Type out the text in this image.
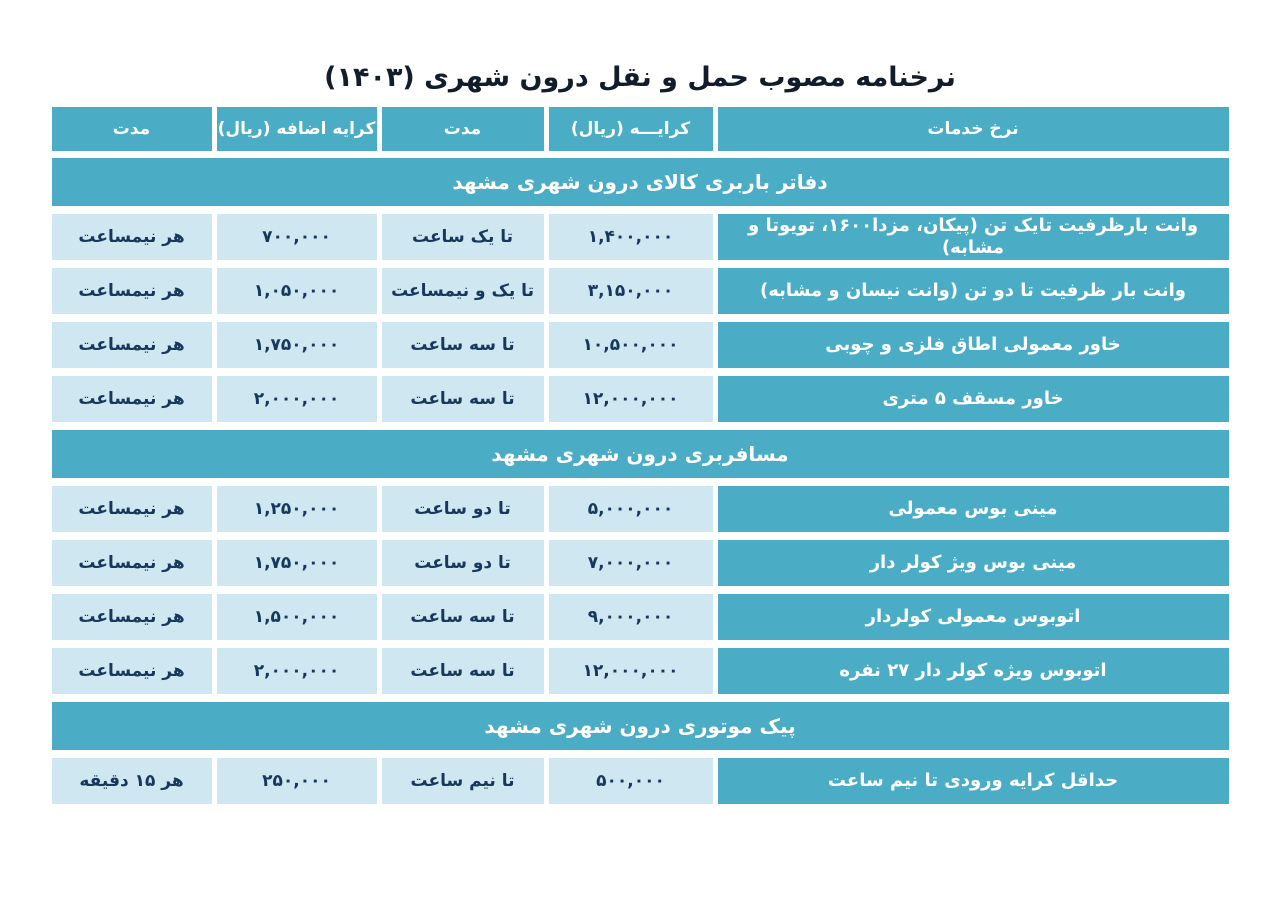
نرخنامه مصوب حمل و نقل درون شهری (۱۴۰۳)
نرخ خدمات
کرایـــه (ریال)
مدت
کرایه اضافه (ریال)
مدت
دفاتر باربری کالای درون شهری مشهد
وانت بارظرفیت تایک تن (پیکان، مزدا۱۶۰۰، تویوتا و مشابه)
۱,۴۰۰,۰۰۰
تا یک ساعت
۷۰۰,۰۰۰
هر نیمساعت
وانت بار ظرفیت تا دو تن (وانت نیسان و مشابه)
۳,۱۵۰,۰۰۰
تا یک و نیمساعت
۱,۰۵۰,۰۰۰
هر نیمساعت
خاور معمولی اطاق فلزی و چوبی
۱۰,۵۰۰,۰۰۰
تا سه ساعت
۱,۷۵۰,۰۰۰
هر نیمساعت
خاور مسقف ۵ متری
۱۲,۰۰۰,۰۰۰
تا سه ساعت
۲,۰۰۰,۰۰۰
هر نیمساعت
مسافربری درون شهری مشهد
مینی بوس معمولی
۵,۰۰۰,۰۰۰
تا دو ساعت
۱,۲۵۰,۰۰۰
هر نیمساعت
مینی بوس ویژ کولر دار
۷,۰۰۰,۰۰۰
تا دو ساعت
۱,۷۵۰,۰۰۰
هر نیمساعت
اتوبوس معمولی کولردار
۹,۰۰۰,۰۰۰
تا سه ساعت
۱,۵۰۰,۰۰۰
هر نیمساعت
اتوبوس ویژه کولر دار ۲۷ نفره
۱۲,۰۰۰,۰۰۰
تا سه ساعت
۲,۰۰۰,۰۰۰
هر نیمساعت
پیک موتوری درون شهری مشهد
حداقل کرایه ورودی تا نیم ساعت
۵۰۰,۰۰۰
تا نیم ساعت
۲۵۰,۰۰۰
هر ۱۵ دقیقه
